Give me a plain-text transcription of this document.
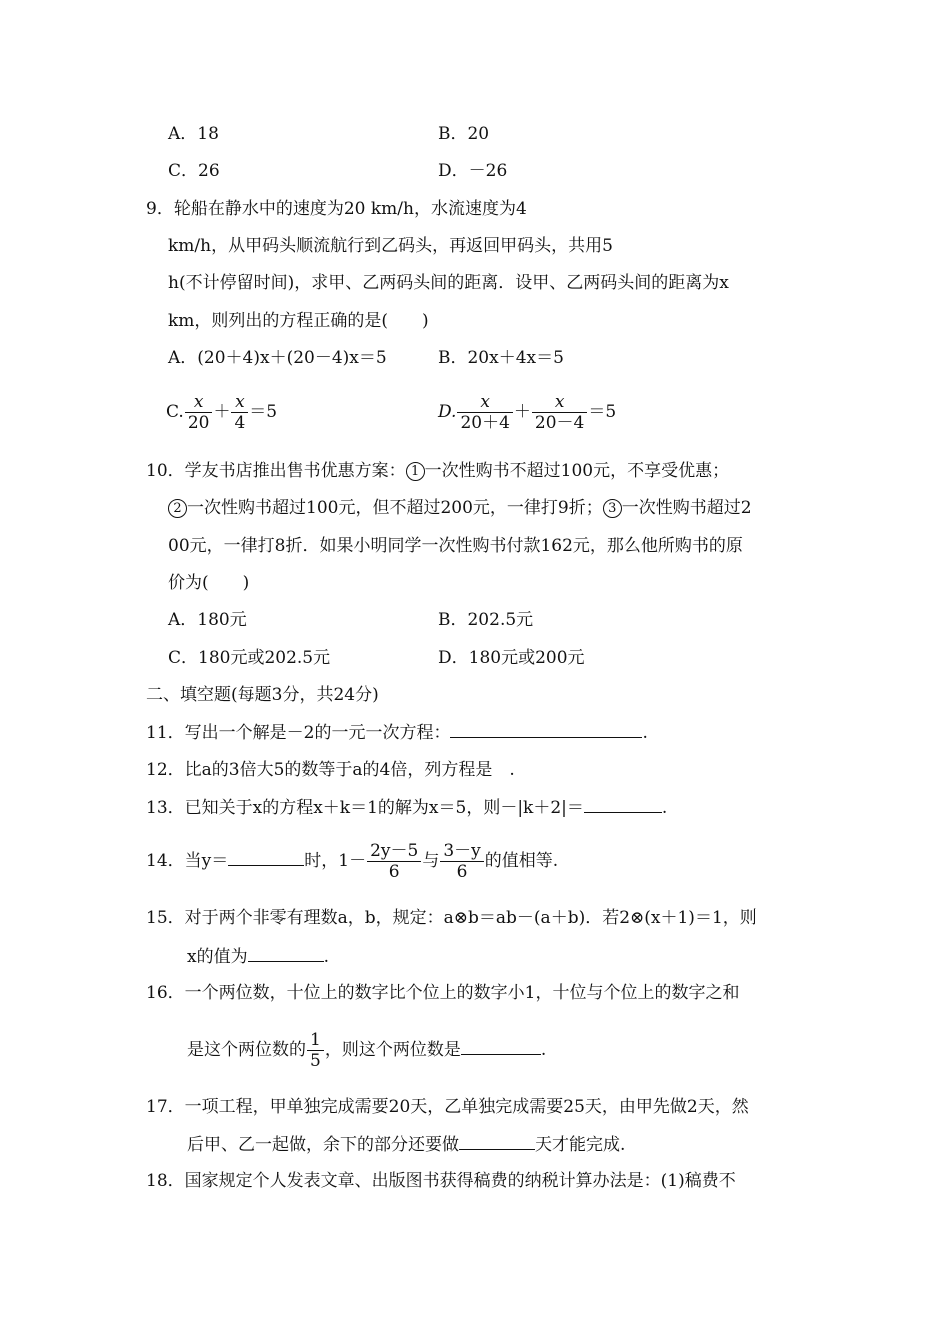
A．18	B．20
C．26	D．－26
9．轮船在静水中的速度为20 km/h，水流速度为4
km/h，从甲码头顺流航行到乙码头，再返回甲码头，共用5
h(不计停留时间)，求甲、乙两码头间的距离．设甲、乙两码头间的距离为x
km，则列出的方程正确的是(　　)
A．(20＋4)x＋(20－4)x＝5	B．20x＋4x＝5
C. $\frac{x}{20} + \frac{x}{4} =5$	D. $\frac{x}{20+4} + \frac{x}{20-4} =5$
10．学友书店推出售书优惠方案： 1 一次性购书不超过100元，不享受优惠；
2 一次性购书超过100元，但不超过200元，一律打9折； 3 一次性购书超过2
00元，一律打8折．如果小明同学一次性购书付款162元，那么他所购书的原
价为(　　)
A．180元	B．202.5元
C．180元或202.5元	D．180元或200元
二、填空题(每题3分，共24分)
11．写出一个解是－2的一元一次方程：	.
12．比a的3倍大5的数等于a的4倍，列方程是　.
13．已知关于x的方程x＋k＝1的解为x＝5，则－|k＋2|＝	.
14．当y＝	时，$1- \frac{2y-5}{6}$ 与 $\frac{3-y}{6}$ 的值相等.
15．对于两个非零有理数a，b，规定：a⊗b＝ab－(a＋b)．若2⊗(x＋1)＝1，则
x的值为	.
16．一个两位数，十位上的数字比个位上的数字小1，十位与个位上的数字之和
是这个两位数的 $\frac{1}{5}$ ，则这个两位数是	.
17．一项工程，甲单独完成需要20天，乙单独完成需要25天，由甲先做2天，然
后甲、乙一起做，余下的部分还要做	天才能完成.
18．国家规定个人发表文章、出版图书获得稿费的纳税计算办法是：(1)稿费不
